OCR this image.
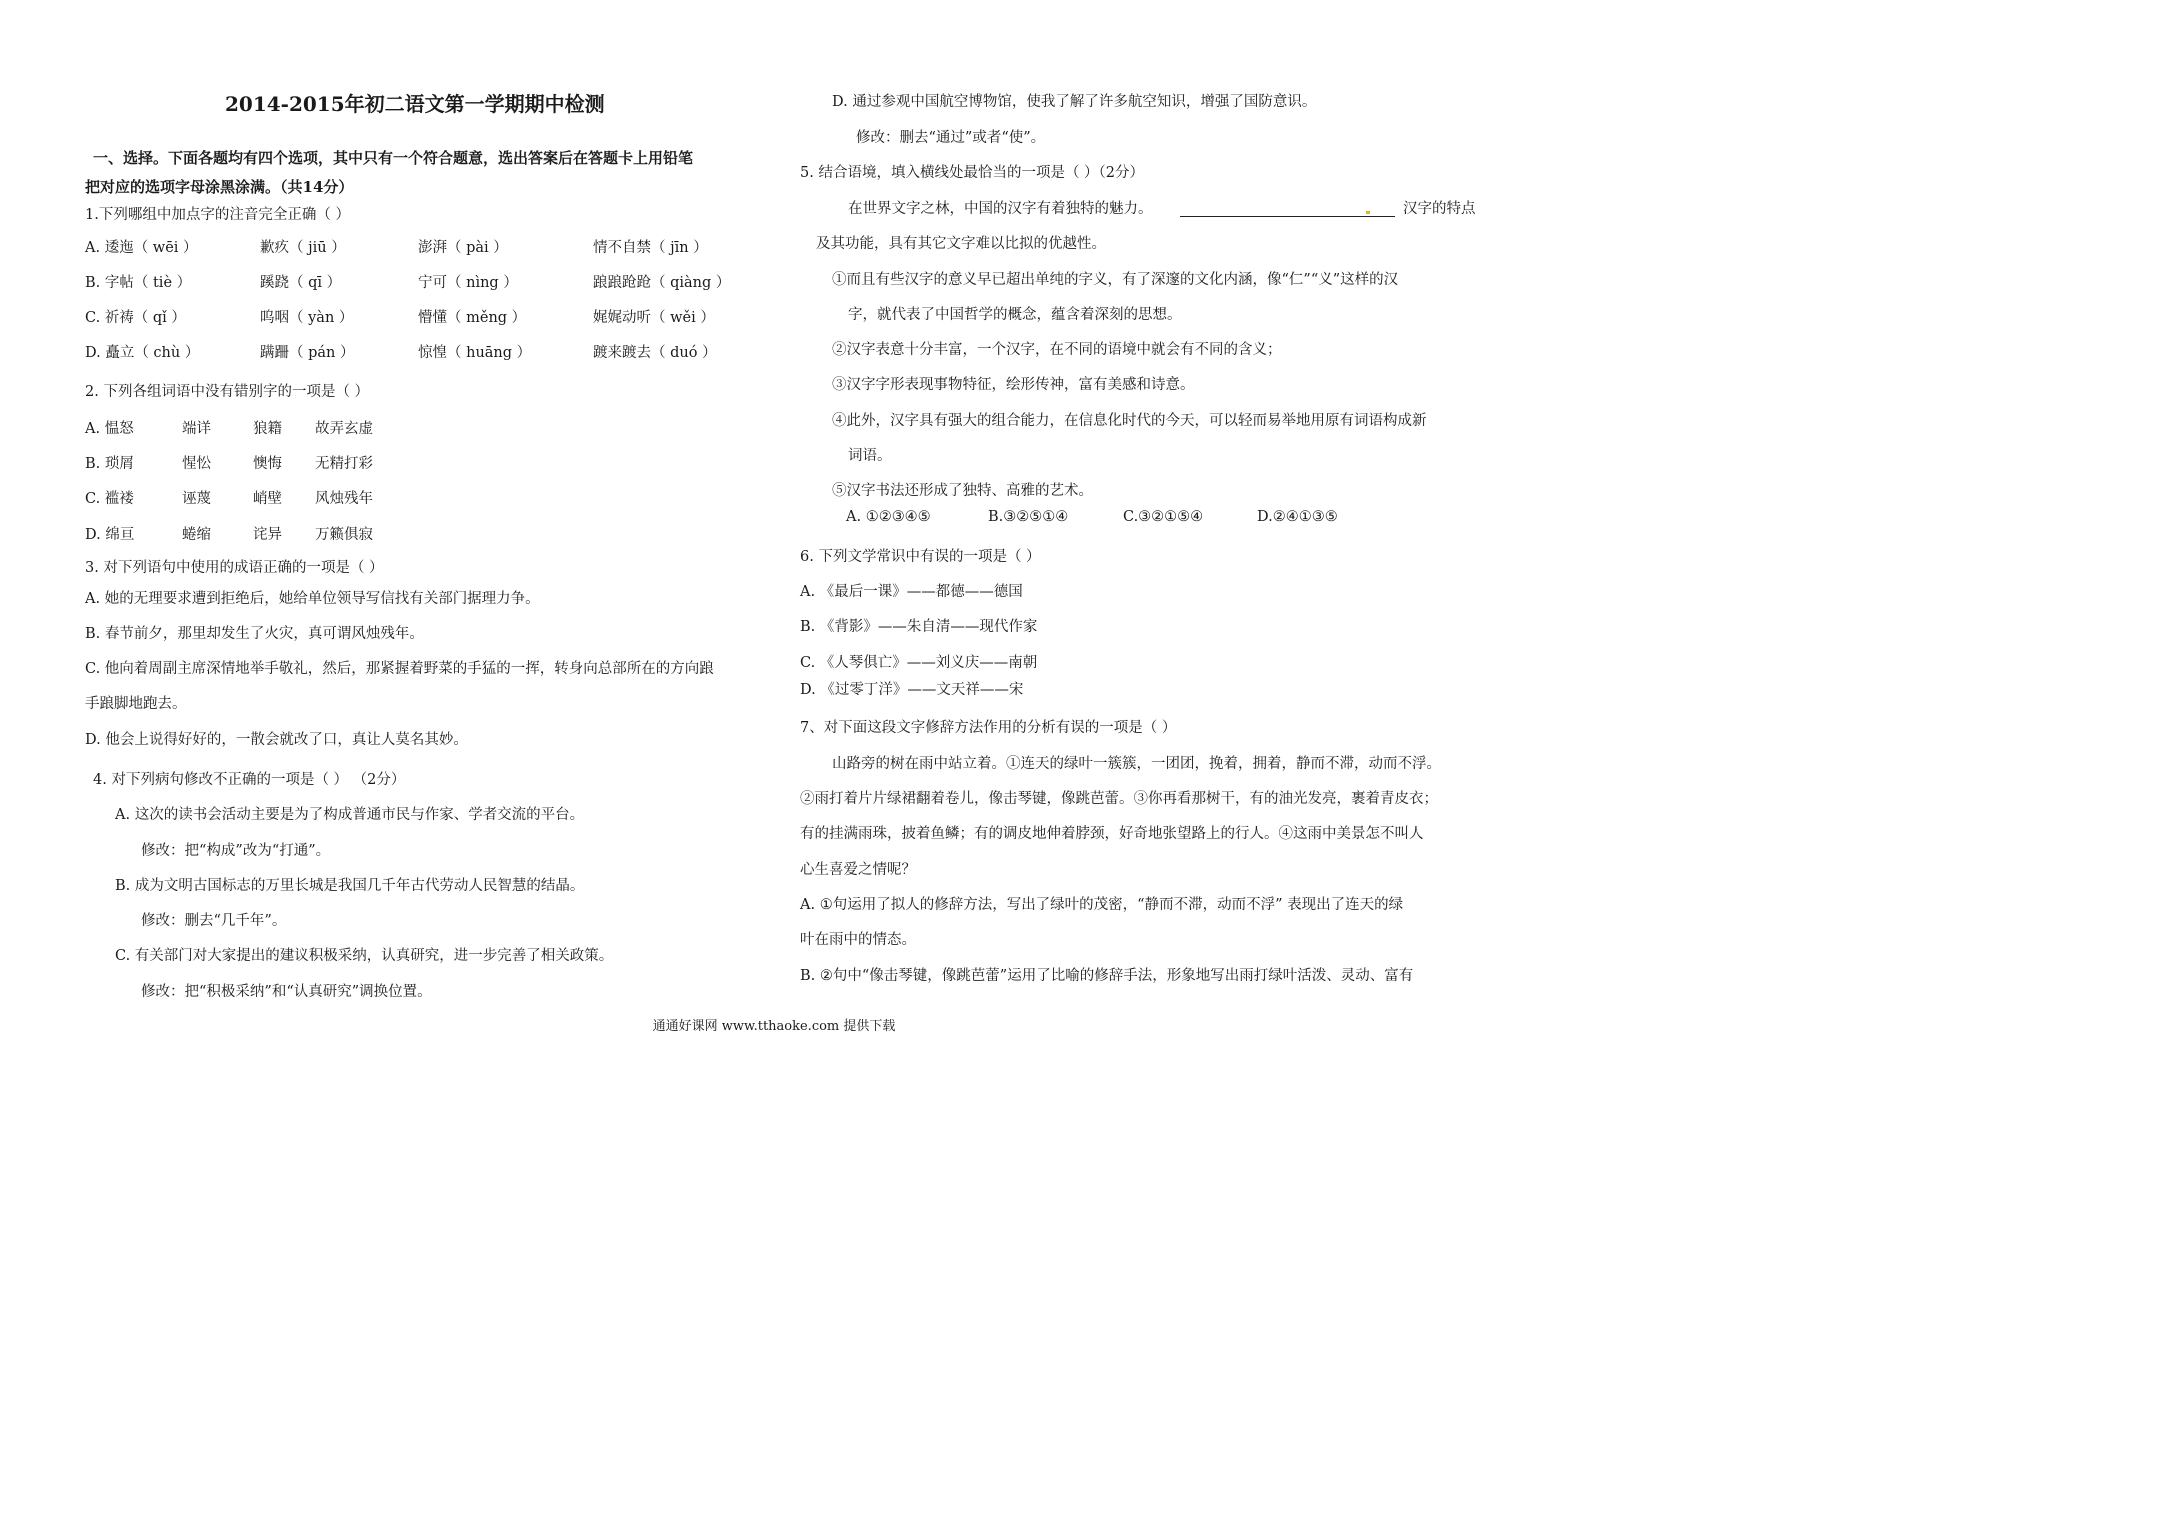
2014-2015年初二语文第一学期期中检测
一、选择。下面各题均有四个选项，其中只有一个符合题意，选出答案后在答题卡上用铅笔
把对应的选项字母涂黑涂满。（共14分）
1.下列哪组中加点字的注音完全正确（ ）
A. 逶迤（ wēi ）	歉疚（ jiū ）	澎湃（ pài ）	情不自禁（ jīn ）
B. 字帖（ tiè ）	蹊跷（ qī ）	宁可（ nìng ）	踉踉跄跄（ qiàng ）
C. 祈祷（ qǐ ）	呜咽（ yàn ）	懵懂（ měng ）	娓娓动听（ wěi ）
D. 矗立（ chù ）	蹒跚（ pán ）	惊惶（ huāng ）	踱来踱去（ duó ）
2. 下列各组词语中没有错别字的一项是（ ）
A. 愠怒	端详	狼籍 故弄玄虚
B. 琐屑	惺忪	懊悔 无精打彩
C. 褴褛	诬蔑	峭壁 风烛残年
D. 绵亘	蜷缩	诧异 万籁俱寂
3. 对下列语句中使用的成语正确的一项是（ ）
A. 她的无理要求遭到拒绝后，她给单位领导写信找有关部门据理力争。
B. 春节前夕，那里却发生了火灾，真可谓风烛残年。
C. 他向着周副主席深情地举手敬礼，然后，那紧握着野菜的手猛的一挥，转身向总部所在的方向踉
手踉脚地跑去。
D. 他会上说得好好的，一散会就改了口，真让人莫名其妙。
4. 对下列病句修改不正确的一项是（ ） （2分）
A. 这次的读书会活动主要是为了构成普通市民与作家、学者交流的平台。
修改：把“构成”改为“打通”。
B. 成为文明古国标志的万里长城是我国几千年古代劳动人民智慧的结晶。
修改：删去“几千年”。
C. 有关部门对大家提出的建议积极采纳，认真研究，进一步完善了相关政策。
修改：把“积极采纳”和“认真研究”调换位置。
D. 通过参观中国航空博物馆，使我了解了许多航空知识，增强了国防意识。
修改：删去“通过”或者“使”。
5. 结合语境，填入横线处最恰当的一项是（ ）（2分）
在世界文字之林，中国的汉字有着独特的魅力。	汉字的特点
及其功能，具有其它文字难以比拟的优越性。
①而且有些汉字的意义早已超出单纯的字义，有了深邃的文化内涵，像“仁”“义”这样的汉
字，就代表了中国哲学的概念，蕴含着深刻的思想。
②汉字表意十分丰富，一个汉字，在不同的语境中就会有不同的含义；
③汉字字形表现事物特征，绘形传神，富有美感和诗意。
④此外，汉字具有强大的组合能力，在信息化时代的今天，可以轻而易举地用原有词语构成新
词语。
⑤汉字书法还形成了独特、高雅的艺术。
A. ①②③④⑤	B.③②⑤①④	C.③②①⑤④	D.②④①③⑤
6. 下列文学常识中有误的一项是（ ）
A. 《最后一课》——都德——德国
B. 《背影》——朱自清——现代作家
C. 《人琴俱亡》——刘义庆——南朝
D. 《过零丁洋》——文天祥——宋
7、对下面这段文字修辞方法作用的分析有误的一项是（ ）
山路旁的树在雨中站立着。①连天的绿叶一簇簇，一团团，挽着，拥着，静而不滞，动而不浮。
②雨打着片片绿裙翻着卷儿，像击琴键，像跳芭蕾。③你再看那树干，有的油光发亮，裹着青皮衣；
有的挂满雨珠，披着鱼鳞；有的调皮地伸着脖颈，好奇地张望路上的行人。④这雨中美景怎不叫人
心生喜爱之情呢？
A. ①句运用了拟人的修辞方法，写出了绿叶的茂密，“静而不滞，动而不浮” 表现出了连天的绿
叶在雨中的情态。
B. ②句中“像击琴键，像跳芭蕾”运用了比喻的修辞手法，形象地写出雨打绿叶活泼、灵动、富有
通通好课网 www.tthaoke.com 提供下载
